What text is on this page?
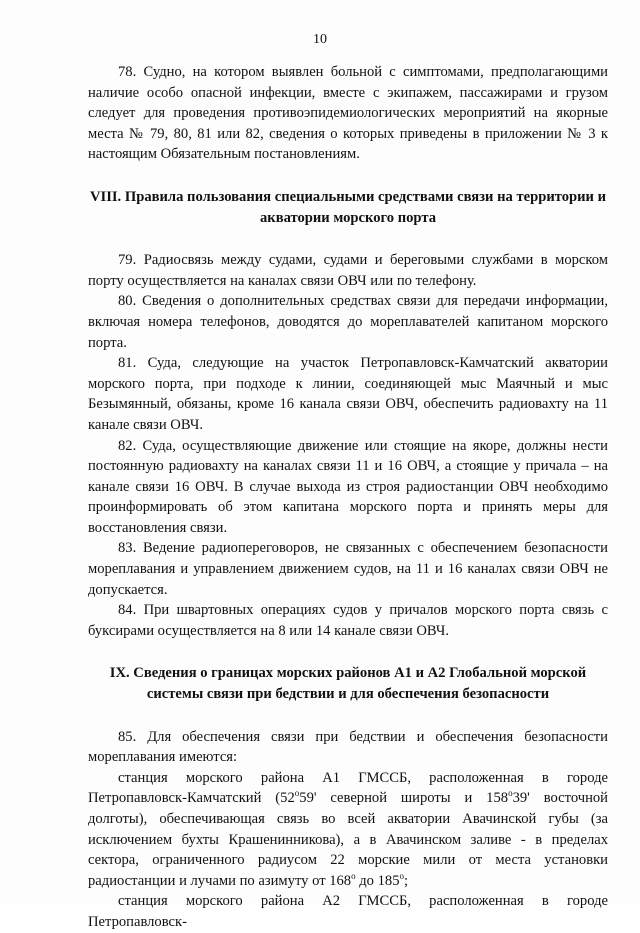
10

78. Судно, на котором выявлен больной с симптомами, предполагающими наличие особо опасной инфекции, вместе с экипажем, пассажирами и грузом следует для проведения противоэпидемиологических мероприятий на якорные места № 79, 80, 81 или 82, сведения о которых приведены в приложении № 3 к настоящим Обязательным постановлениям.

VIII. Правила пользования специальными средствами связи на территории и акватории морского порта

79. Радиосвязь между судами, судами и береговыми службами в морском порту осуществляется на каналах связи ОВЧ или по телефону.

80. Сведения о дополнительных средствах связи для передачи информации, включая номера телефонов, доводятся до мореплавателей капитаном морского порта.

81. Суда, следующие на участок Петропавловск-Камчатский акватории морского порта, при подходе к линии, соединяющей мыс Маячный и мыс Безымянный, обязаны, кроме 16 канала связи ОВЧ, обеспечить радиовахту на 11 канале связи ОВЧ.

82. Суда, осуществляющие движение или стоящие на якоре, должны нести постоянную радиовахту на каналах связи 11 и 16 ОВЧ, а стоящие у причала – на канале связи 16 ОВЧ. В случае выхода из строя радиостанции ОВЧ необходимо проинформировать об этом капитана морского порта и принять меры для восстановления связи.

83. Ведение радиопереговоров, не связанных с обеспечением безопасности мореплавания и управлением движением судов, на 11 и 16 каналах связи ОВЧ не допускается.

84. При швартовных операциях судов у причалов морского порта связь с буксирами осуществляется на 8 или 14 канале связи ОВЧ.

IX. Сведения о границах морских районов А1 и А2 Глобальной морской системы связи при бедствии и для обеспечения безопасности

85. Для обеспечения связи при бедствии и обеспечения безопасности мореплавания имеются:

станция морского района А1 ГМССБ, расположенная в городе Петропавловск-Камчатский (52$^o$59' северной широты и 158$^o$39' восточной долготы), обеспечивающая связь во всей акватории Авачинской губы (за исключением бухты Крашенинникова), а в Авачинском заливе - в пределах сектора, ограниченного радиусом 22 морские мили от места установки радиостанции и лучами по азимуту от 168$^o$ до 185$^o$;

станция морского района А2 ГМССБ, расположенная в городе Петропавловск-
